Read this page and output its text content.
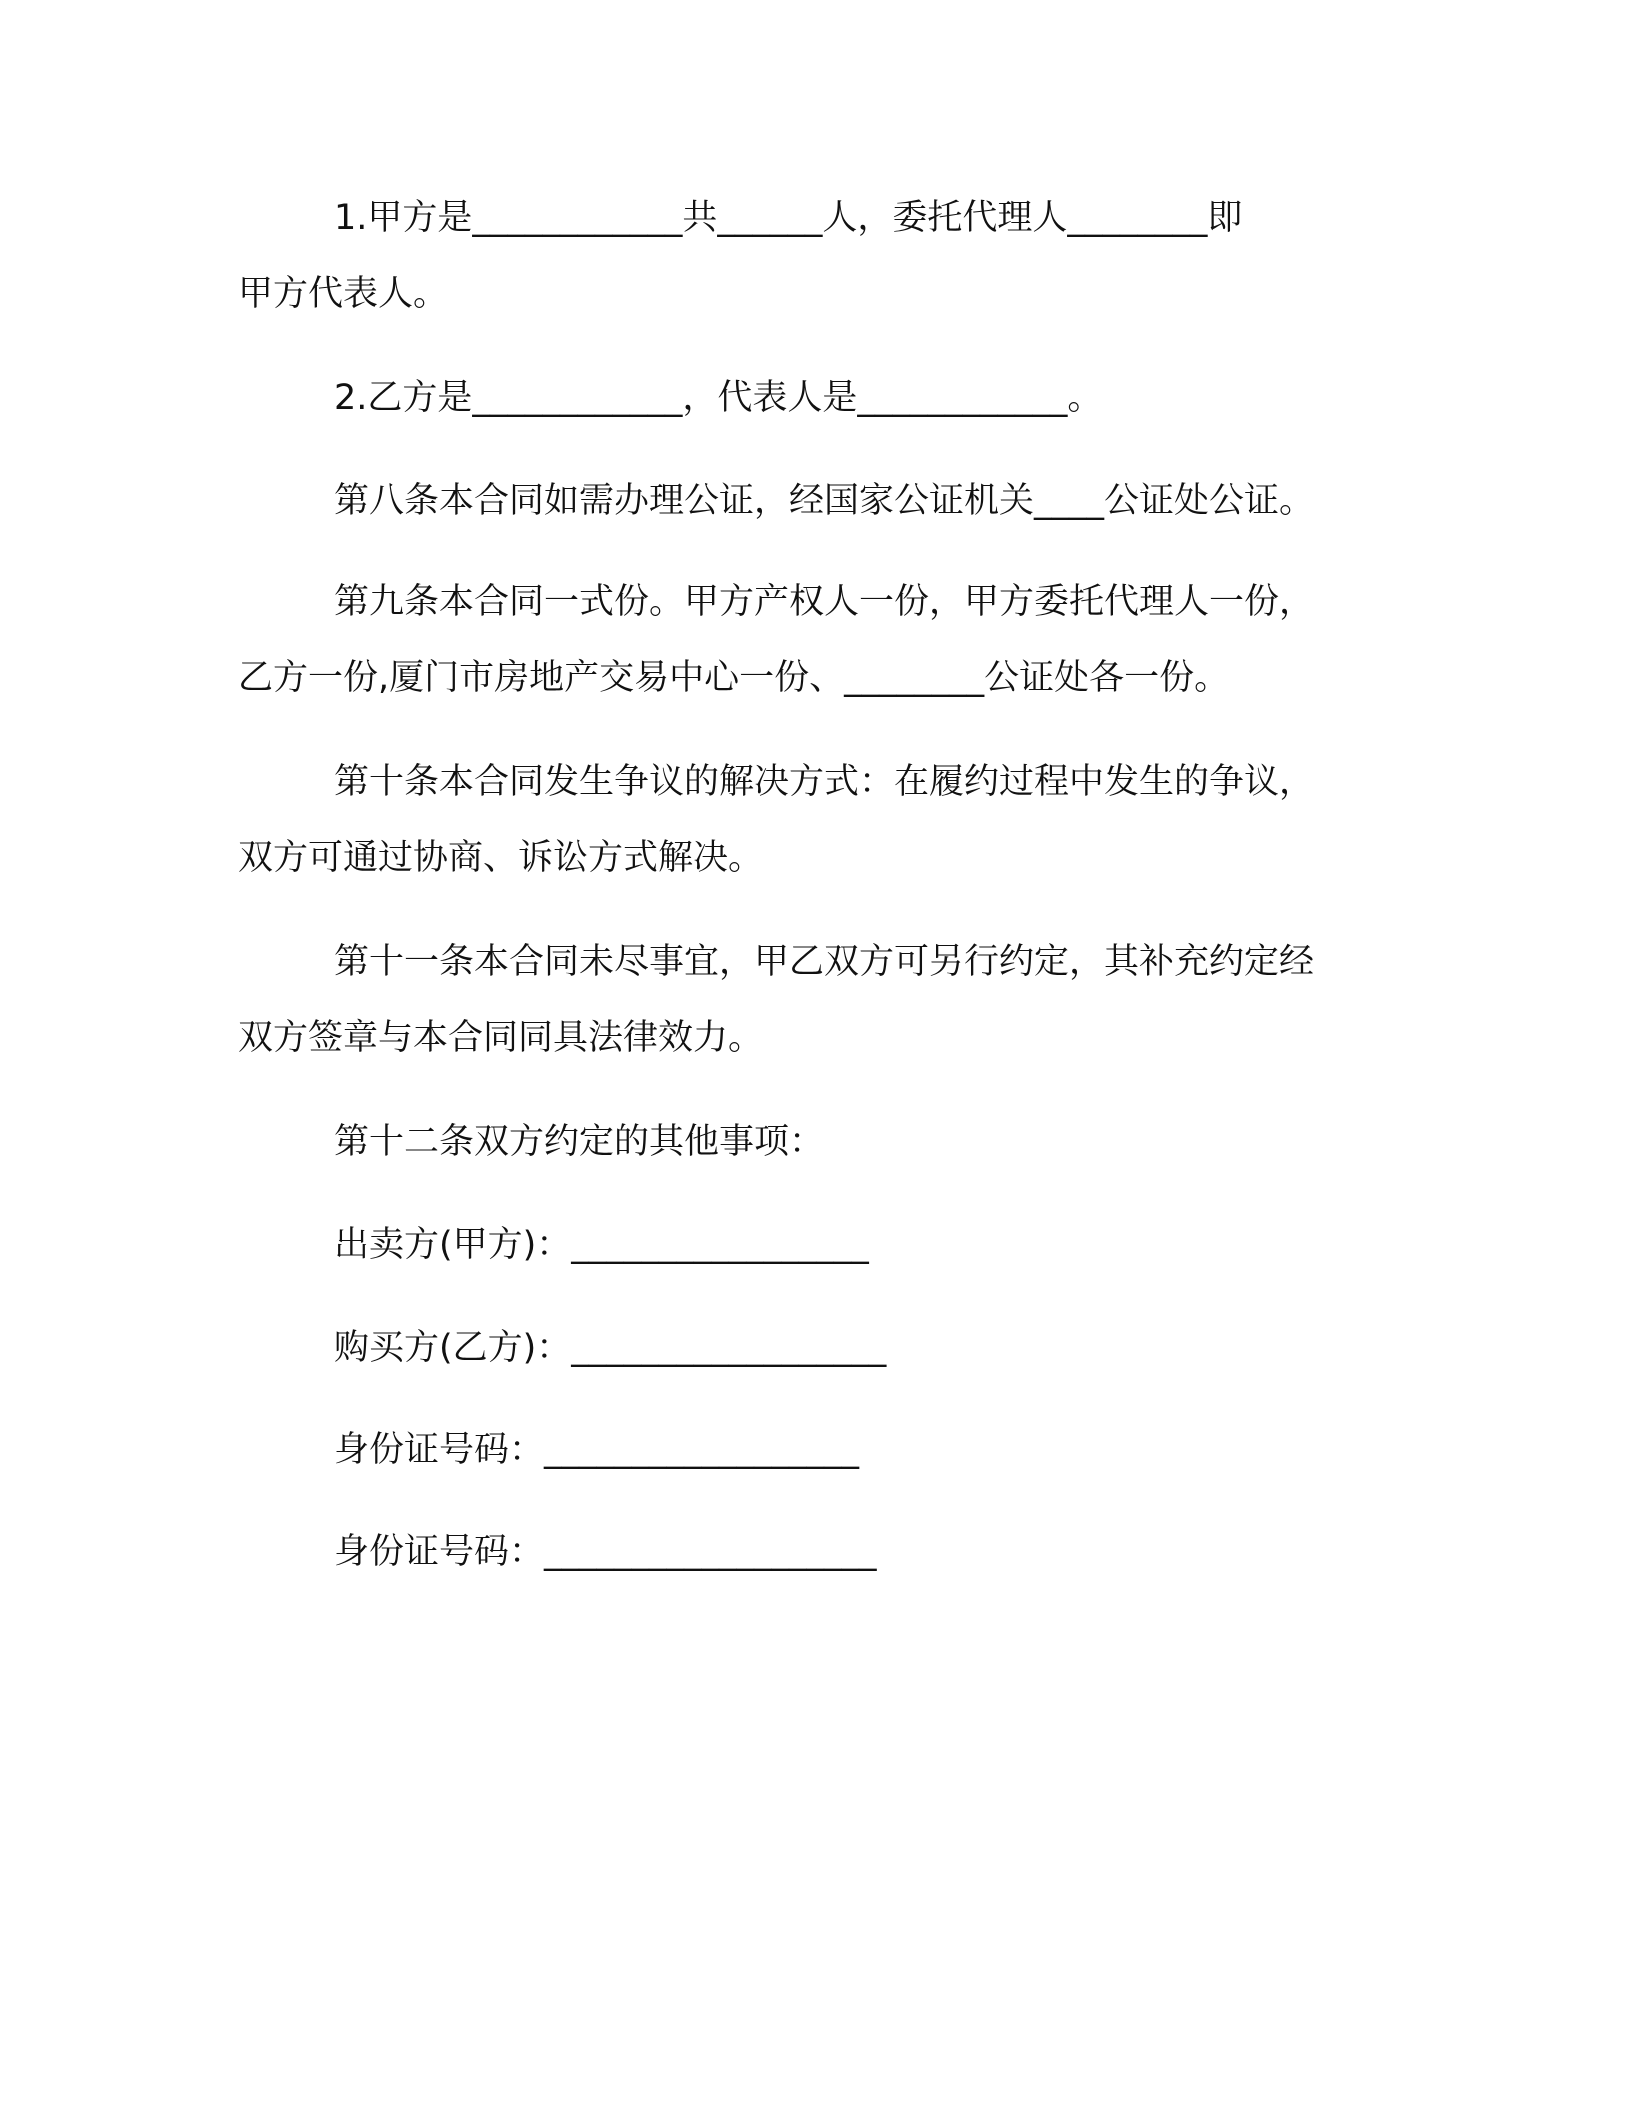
1.甲方是____________共______人，委托代理人________即
甲方代表人。
2.乙方是____________，代表人是____________。
第八条本合同如需办理公证，经国家公证机关____公证处公证。
第九条本合同一式份。甲方产权人一份，甲方委托代理人一份，
乙方一份,厦门市房地产交易中心一份、________公证处各一份。
第十条本合同发生争议的解决方式：在履约过程中发生的争议，
双方可通过协商、诉讼方式解决。
第十一条本合同未尽事宜，甲乙双方可另行约定，其补充约定经
双方签章与本合同同具法律效力。
第十二条双方约定的其他事项：
出卖方(甲方)：_________________
购买方(乙方)：__________________
身份证号码：__________________
身份证号码：___________________
